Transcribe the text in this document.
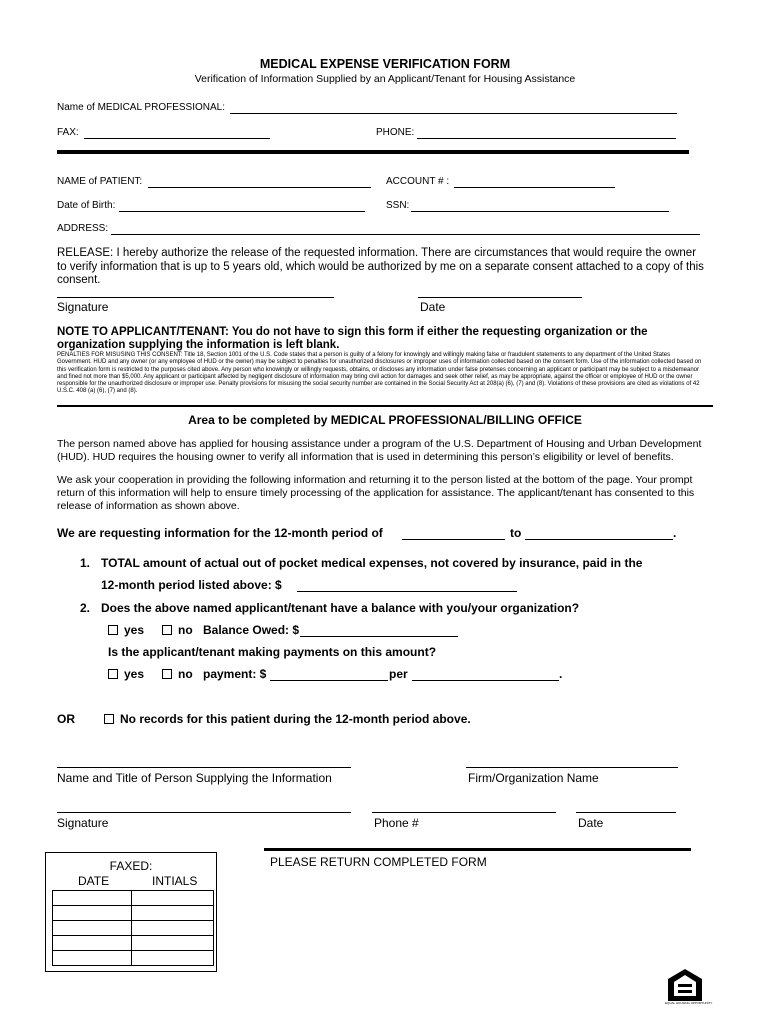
MEDICAL EXPENSE VERIFICATION FORM
Verification of Information Supplied by an Applicant/Tenant for Housing Assistance
Name of MEDICAL PROFESSIONAL:
FAX:	PHONE:
NAME of PATIENT:	ACCOUNT # :
Date of Birth:	SSN:
ADDRESS:
RELEASE: I hereby authorize the release of the requested information. There are circumstances that would require the owner to verify information that is up to 5 years old, which would be authorized by me on a separate consent attached to a copy of this consent.
Signature	Date
NOTE TO APPLICANT/TENANT: You do not have to sign this form if either the requesting organization or the organization supplying the information is left blank.
PENALTIES FOR MISUSING THIS CONSENT: Title 18, Section 1001 of the U.S. Code states that a person is guilty of a felony for knowingly and willingly making false or fraudulent statements to any department of the United States Government. HUD and any owner (or any employee of HUD or the owner) may be subject to penalties for unauthorized disclosures or improper uses of information collected based on the consent form. Use of the information collected based on this verification form is restricted to the purposes cited above. Any person who knowingly or willingly requests, obtains, or discloses any information under false pretenses concerning an applicant or participant may be subject to a misdemeanor and fined not more than $5,000. Any applicant or participant affected by negligent disclosure of information may bring civil action for damages and seek other relief, as may be appropriate, against the officer or employee of HUD or the owner responsible for the unauthorized disclosure or improper use. Penalty provisions for misusing the social security number are contained in the Social Security Act at 208(a) (6), (7) and (8). Violations of these provisions are cited as violations of 42 U.S.C. 408 (a) (6), (7) and (8).
Area to be completed by MEDICAL PROFESSIONAL/BILLING OFFICE
The person named above has applied for housing assistance under a program of the U.S. Department of Housing and Urban Development (HUD). HUD requires the housing owner to verify all information that is used in determining this person’s eligibility or level of benefits.
We ask your cooperation in providing the following information and returning it to the person listed at the bottom of the page. Your prompt return of this information will help to ensure timely processing of the application for assistance. The applicant/tenant has consented to this release of information as shown above.
We are requesting information for the 12-month period of	to	.
1. TOTAL amount of actual out of pocket medical expenses, not covered by insurance, paid in the
12-month period listed above: $
2. Does the above named applicant/tenant have a balance with you/your organization?
yes	no Balance Owed: $
Is the applicant/tenant making payments on this amount?
yes	no payment: $	per	.
OR	No records for this patient during the 12-month period above.
Name and Title of Person Supplying the Information	Firm/Organization Name
Signature	Phone #	Date
PLEASE RETURN COMPLETED FORM
FAXED:
DATE	INTIALS

EQUAL HOUSING OPPORTUNITY
